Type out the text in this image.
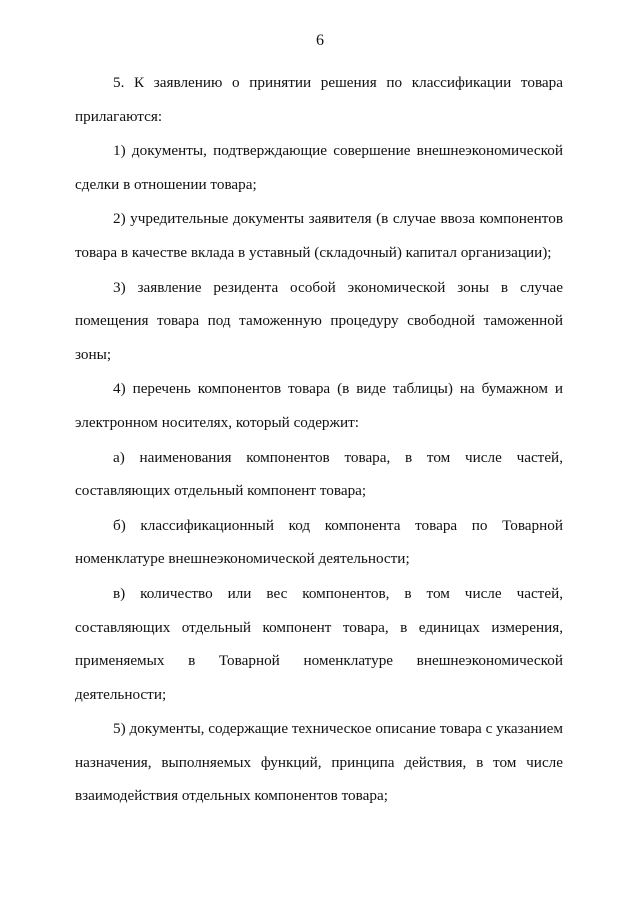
6

5. К заявлению о принятии решения по классификации товара прилагаются:

1) документы, подтверждающие совершение внешнеэкономической сделки в отношении товара;

2) учредительные документы заявителя (в случае ввоза компонентов товара в качестве вклада в уставный (складочный) капитал организации);

3) заявление резидента особой экономической зоны в случае помещения товара под таможенную процедуру свободной таможенной зоны;

4) перечень компонентов товара (в виде таблицы) на бумажном и электронном носителях, который содержит:

а) наименования компонентов товара, в том числе частей, составляющих отдельный компонент товара;

б) классификационный код компонента товара по Товарной номенклатуре внешнеэкономической деятельности;

в) количество или вес компонентов, в том числе частей, составляющих отдельный компонент товара, в единицах измерения, применяемых в Товарной номенклатуре внешнеэкономической деятельности;

5) документы, содержащие техническое описание товара с указанием назначения, выполняемых функций, принципа действия, в том числе взаимодействия отдельных компонентов товара;
